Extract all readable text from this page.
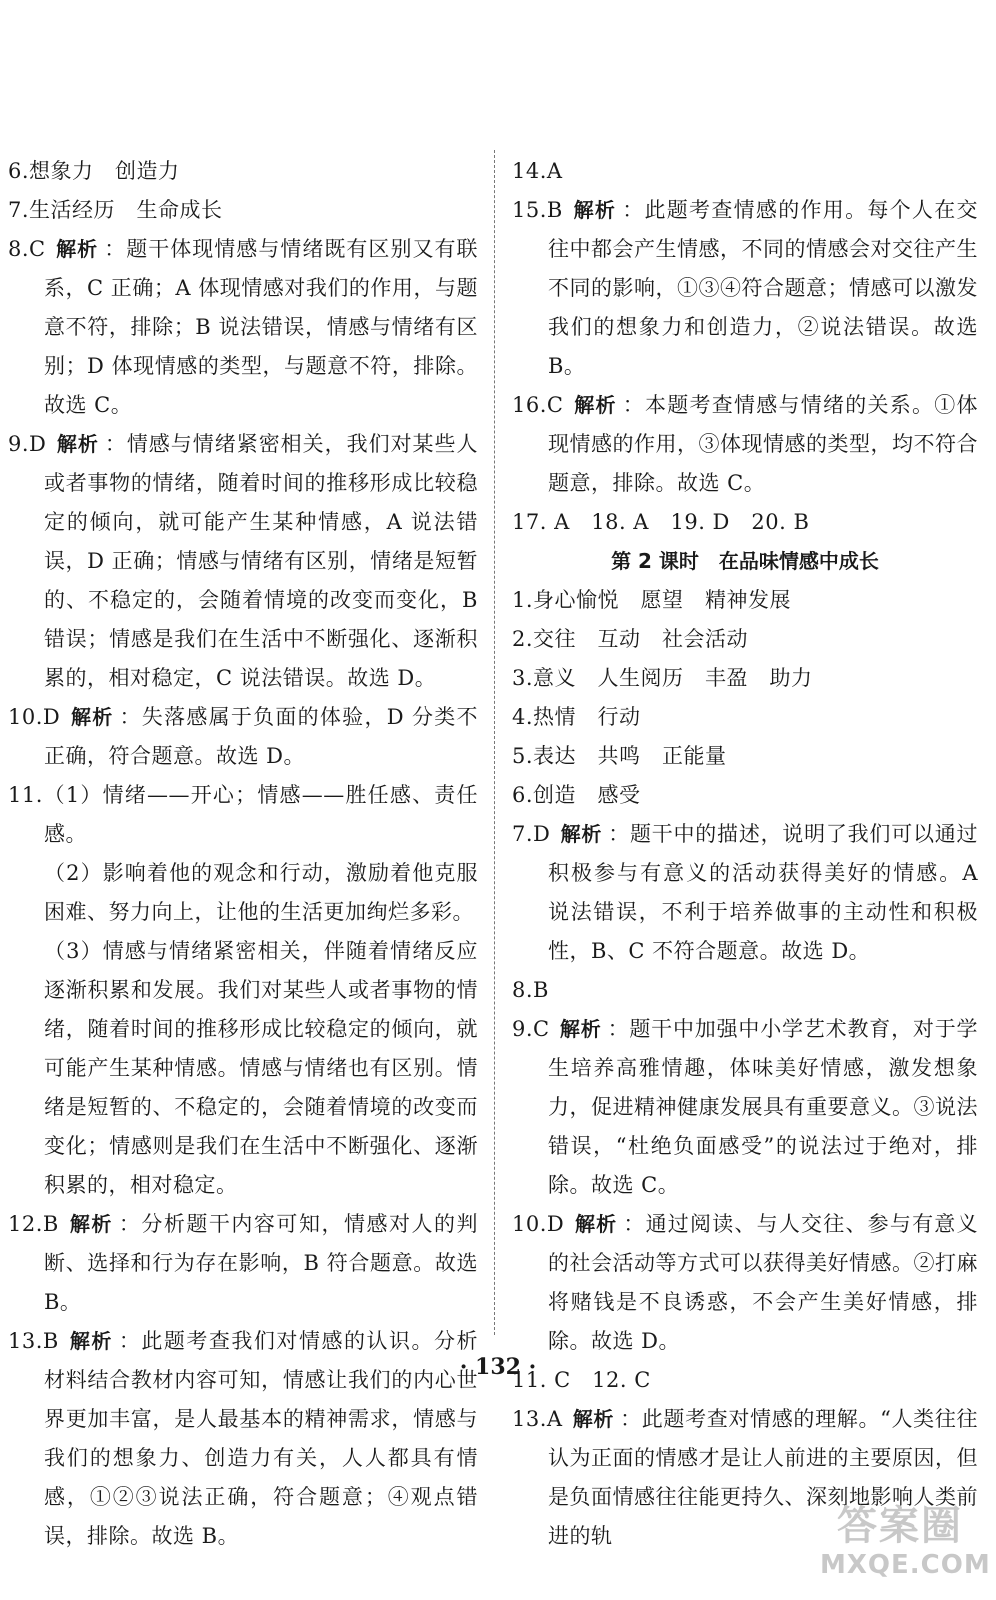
6.想象力　创造力

7.生活经历　生命成长

8.C 解析 ：题干体现情感与情绪既有区别又有联系，C 正确；A 体现情感对我们的作用，与题意不符，排除；B 说法错误，情感与情绪有区别；D 体现情感的类型，与题意不符，排除。故选 C。

9.D 解析 ：情感与情绪紧密相关，我们对某些人或者事物的情绪，随着时间的推移形成比较稳定的倾向，就可能产生某种情感，A 说法错误，D 正确；情感与情绪有区别，情绪是短暂的、不稳定的，会随着情境的改变而变化，B 错误；情感是我们在生活中不断强化、逐渐积累的，相对稳定，C 说法错误。故选 D。

10.D 解析 ：失落感属于负面的体验，D 分类不正确，符合题意。故选 D。

11.（1）情绪——开心；情感——胜任感、责任感。

（2）影响着他的观念和行动，激励着他克服困难、努力向上，让他的生活更加绚烂多彩。

（3）情感与情绪紧密相关，伴随着情绪反应逐渐积累和发展。我们对某些人或者事物的情绪，随着时间的推移形成比较稳定的倾向，就可能产生某种情感。情感与情绪也有区别。情绪是短暂的、不稳定的，会随着情境的改变而变化；情感则是我们在生活中不断强化、逐渐积累的，相对稳定。

12.B 解析 ：分析题干内容可知，情感对人的判断、选择和行为存在影响，B 符合题意。故选 B。

13.B 解析 ：此题考查我们对情感的认识。分析材料结合教材内容可知，情感让我们的内心世界更加丰富，是人最基本的精神需求，情感与我们的想象力、创造力有关，人人都具有情感，①②③说法正确，符合题意；④观点错误，排除。故选 B。

14.A

15.B 解析 ：此题考查情感的作用。每个人在交往中都会产生情感，不同的情感会对交往产生不同的影响，①③④符合题意；情感可以激发我们的想象力和创造力，②说法错误。故选 B。

16.C 解析 ：本题考查情感与情绪的关系。①体现情感的作用，③体现情感的类型，均不符合题意，排除。故选 C。

17. A　18. A　19. D　20. B

第 2 课时　在品味情感中成长

1.身心愉悦　愿望　精神发展

2.交往　互动　社会活动

3.意义　人生阅历　丰盈　助力

4.热情　行动

5.表达　共鸣　正能量

6.创造　感受

7.D 解析 ：题干中的描述，说明了我们可以通过积极参与有意义的活动获得美好的情感。A 说法错误，不利于培养做事的主动性和积极性，B、C 不符合题意。故选 D。

8.B

9.C 解析 ：题干中加强中小学艺术教育，对于学生培养高雅情趣，体味美好情感，激发想象力，促进精神健康发展具有重要意义。③说法错误，“杜绝负面感受”的说法过于绝对，排除。故选 C。

10.D 解析 ：通过阅读、与人交往、参与有意义的社会活动等方式可以获得美好情感。②打麻将赌钱是不良诱惑，不会产生美好情感，排除。故选 D。

11. C　12. C

13.A 解析 ：此题考查对情感的理解。“人类往往认为正面的情感才是让人前进的主要原因，但是负面情感往往能更持久、深刻地影响人类前进的轨

· 132 ·
答案圈
MXQE.COM
